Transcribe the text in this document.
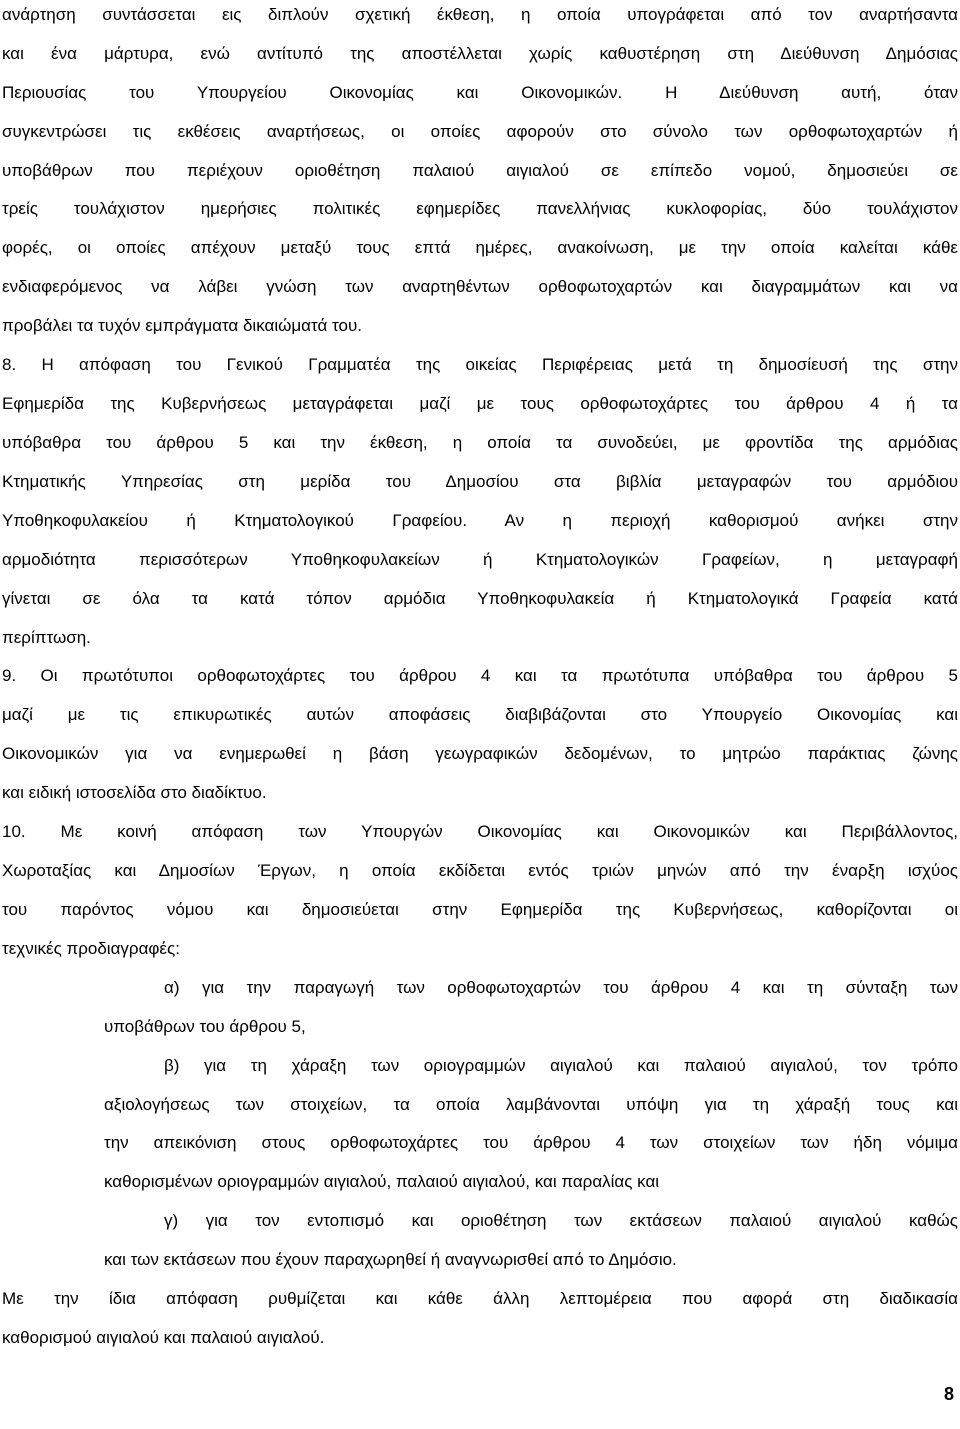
ανάρτηση συντάσσεται εις διπλούν σχετική έκθεση, η οποία υπογράφεται από τον αναρτήσαντα
και ένα μάρτυρα, ενώ αντίτυπό της αποστέλλεται χωρίς καθυστέρηση στη Διεύθυνση Δημόσιας
Περιουσίας του Υπουργείου Οικονομίας και Οικονομικών. Η Διεύθυνση αυτή, όταν
συγκεντρώσει τις εκθέσεις αναρτήσεως, οι οποίες αφορούν στο σύνολο των ορθοφωτοχαρτών ή
υποβάθρων που περιέχουν οριοθέτηση παλαιού αιγιαλού σε επίπεδο νομού, δημοσιεύει σε
τρείς τουλάχιστον ημερήσιες πολιτικές εφημερίδες πανελλήνιας κυκλοφορίας, δύο τουλάχιστον
φορές, οι οποίες απέχουν μεταξύ τους επτά ημέρες, ανακοίνωση, με την οποία καλείται κάθε
ενδιαφερόμενος να λάβει γνώση των αναρτηθέντων ορθοφωτοχαρτών και διαγραμμάτων και να
προβάλει τα τυχόν εμπράγματα δικαιώματά του.
8. Η απόφαση του Γενικού Γραμματέα της οικείας Περιφέρειας μετά τη δημοσίευσή της στην
Εφημερίδα της Κυβερνήσεως μεταγράφεται μαζί με τους ορθοφωτοχάρτες του άρθρου 4 ή τα
υπόβαθρα του άρθρου 5 και την έκθεση, η οποία τα συνοδεύει, με φροντίδα της αρμόδιας
Κτηματικής Υπηρεσίας στη μερίδα του Δημοσίου στα βιβλία μεταγραφών του αρμόδιου
Υποθηκοφυλακείου ή Κτηματολογικού Γραφείου. Αν η περιοχή καθορισμού ανήκει στην
αρμοδιότητα περισσότερων Υποθηκοφυλακείων ή Κτηματολογικών Γραφείων, η μεταγραφή
γίνεται σε όλα τα κατά τόπον αρμόδια Υποθηκοφυλακεία ή Κτηματολογικά Γραφεία κατά
περίπτωση.
9. Οι πρωτότυποι ορθοφωτοχάρτες του άρθρου 4 και τα πρωτότυπα υπόβαθρα του άρθρου 5
μαζί με τις επικυρωτικές αυτών αποφάσεις διαβιβάζονται στο Υπουργείο Οικονομίας και
Οικονομικών για να ενημερωθεί η βάση γεωγραφικών δεδομένων, το μητρώο παράκτιας ζώνης
και ειδική ιστοσελίδα στο διαδίκτυο.
10. Με κοινή απόφαση των Υπουργών Οικονομίας και Οικονομικών και Περιβάλλοντος,
Χωροταξίας και Δημοσίων Έργων, η οποία εκδίδεται εντός τριών μηνών από την έναρξη ισχύος
του παρόντος νόμου και δημοσιεύεται στην Εφημερίδα της Κυβερνήσεως, καθορίζονται οι
τεχνικές προδιαγραφές:
α) για την παραγωγή των ορθοφωτοχαρτών του άρθρου 4 και τη σύνταξη των
υποβάθρων του άρθρου 5,
β) για τη χάραξη των οριογραμμών αιγιαλού και παλαιού αιγιαλού, τον τρόπο
αξιολογήσεως των στοιχείων, τα οποία λαμβάνονται υπόψη για τη χάραξή τους και
την απεικόνιση στους ορθοφωτοχάρτες του άρθρου 4 των στοιχείων των ήδη νόμιμα
καθορισμένων οριογραμμών αιγιαλού, παλαιού αιγιαλού, και παραλίας και
γ) για τον εντοπισμό και οριοθέτηση των εκτάσεων παλαιού αιγιαλού καθώς
και των εκτάσεων που έχουν παραχωρηθεί ή αναγνωρισθεί από το Δημόσιο.
Με την ίδια απόφαση ρυθμίζεται και κάθε άλλη λεπτομέρεια που αφορά στη διαδικασία
καθορισμού αιγιαλού και παλαιού αιγιαλού.
8
